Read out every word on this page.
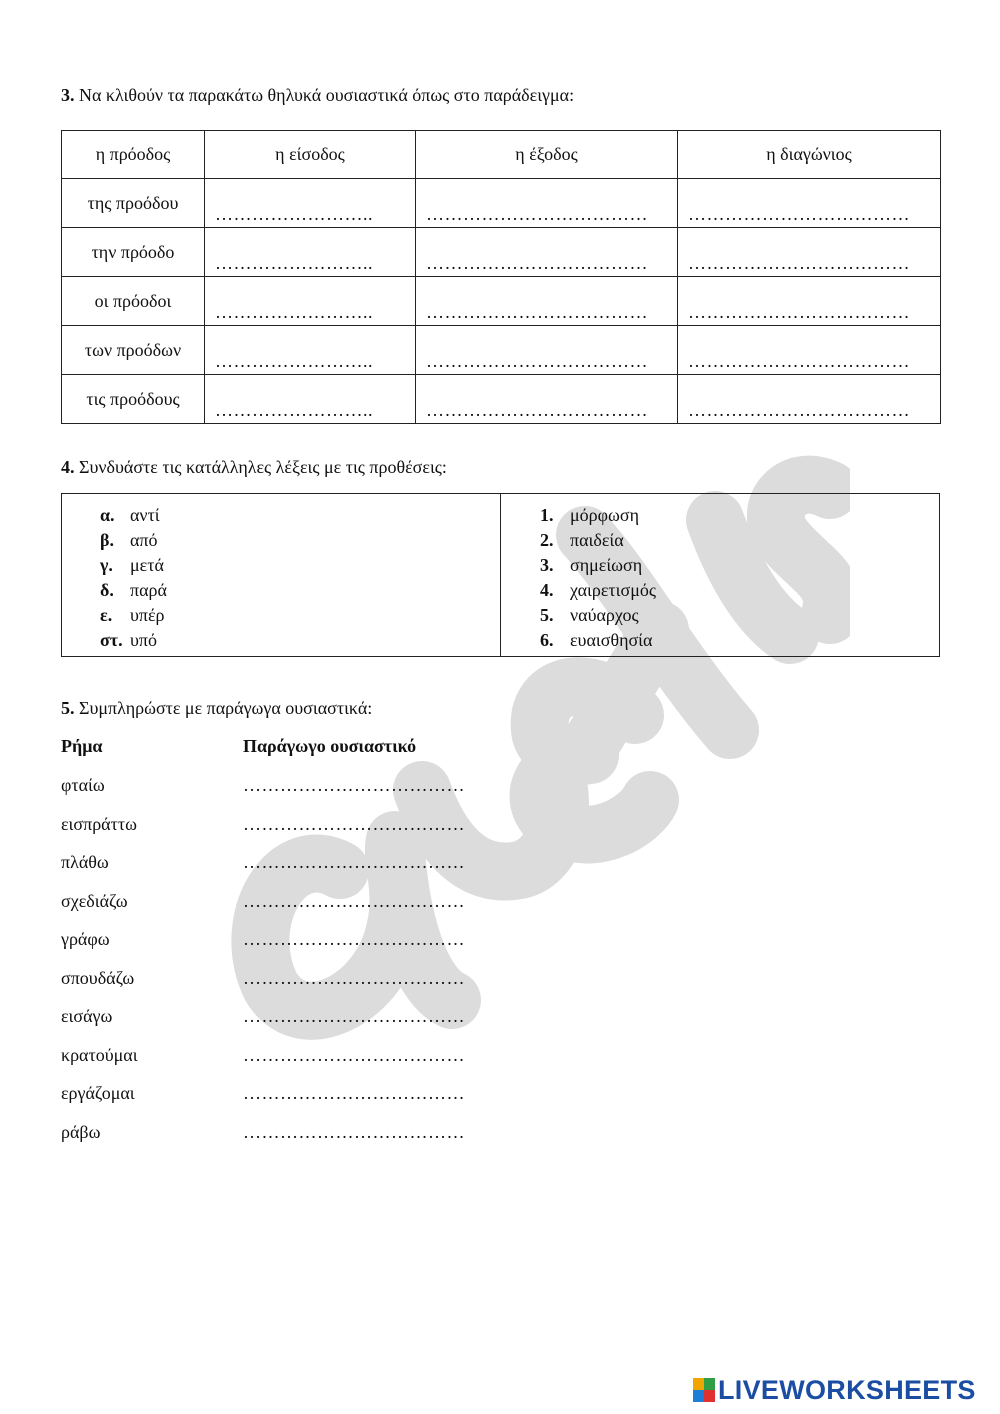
3. Να κλιθούν τα παρακάτω θηλυκά ουσιαστικά όπως στο παράδειγμα:
η πρόοδος	η είσοδος	η έξοδος	η διαγώνιος
της προόδου	……………………..	………………………………	………………………………
την πρόοδο	……………………..	………………………………	………………………………
οι πρόοδοι	……………………..	………………………………	………………………………
των προόδων	……………………..	………………………………	………………………………
τις προόδους	……………………..	………………………………	………………………………
4. Συνδυάστε τις κατάλληλες λέξεις με τις προθέσεις:
α. αντί
β. από
γ. μετά
δ. παρά
ε. υπέρ
στ. υπό
1. μόρφωση
2. παιδεία
3. σημείωση
4. χαιρετισμός
5. ναύαρχος
6. ευαισθησία
5. Συμπληρώστε με παράγωγα ουσιαστικά:
Ρήμα	Παράγωγο ουσιαστικό
φταίω	………………………………
εισπράττω	………………………………
πλάθω	………………………………
σχεδιάζω	………………………………
γράφω	………………………………
σπουδάζω	………………………………
εισάγω	………………………………
κρατούμαι	………………………………
εργάζομαι	………………………………
ράβω	………………………………
LIVEWORKSHEETS
